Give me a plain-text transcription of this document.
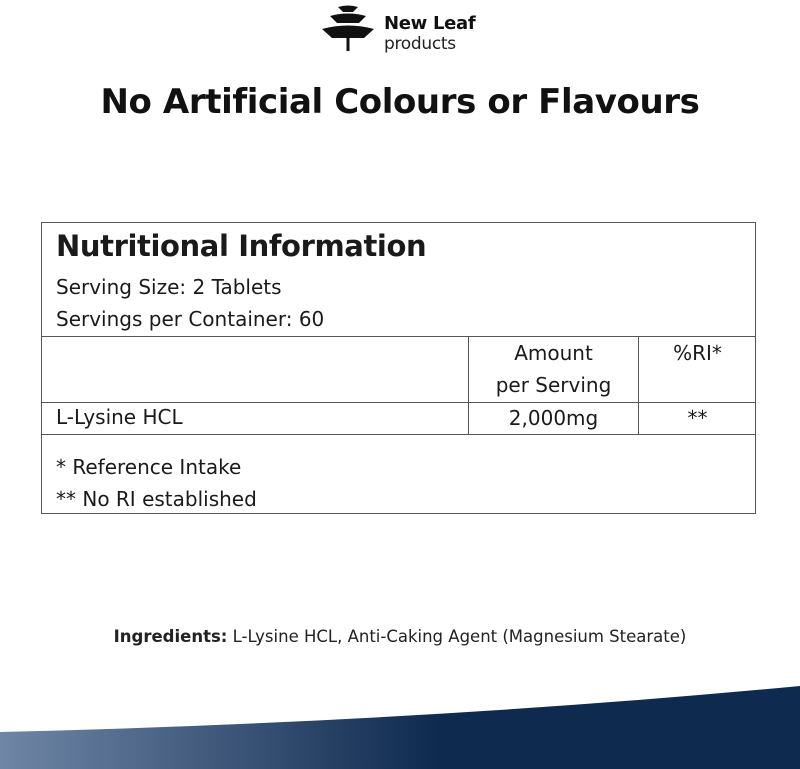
New Leaf
products
No Artificial Colours or Flavours
Nutritional Information
Serving Size: 2 Tablets
Servings per Container: 60
Amount
per Serving
%RI*
L-Lysine HCL	2,000mg	**
* Reference Intake
** No RI established
Ingredients: L-Lysine HCL, Anti-Caking Agent (Magnesium Stearate)
